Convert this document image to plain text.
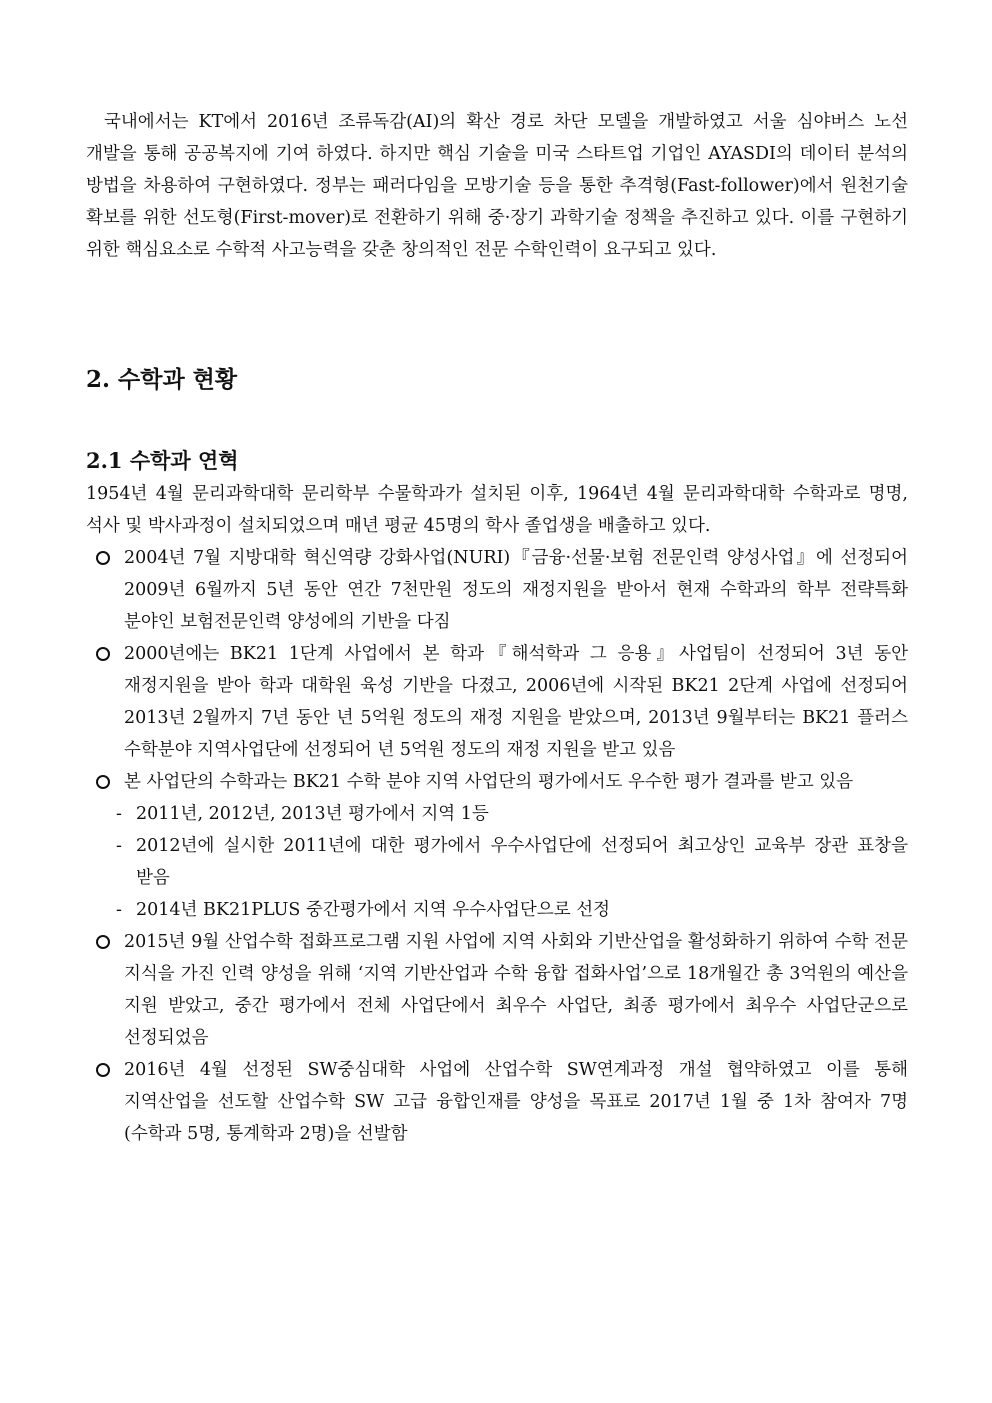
국내에서는 KT에서 2016년 조류독감(AI)의 확산 경로 차단 모델을 개발하였고 서울 심야버스 노선 개발을 통해 공공복지에 기여 하였다. 하지만 핵심 기술을 미국 스타트업 기업인 AYASDI의 데이터 분석의 방법을 차용하여 구현하였다. 정부는 패러다임을 모방기술 등을 통한 추격형(Fast-follower)에서 원천기술 확보를 위한 선도형(First-mover)로 전환하기 위해 중·장기 과학기술 정책을 추진하고 있다. 이를 구현하기 위한 핵심요소로 수학적 사고능력을 갖춘 창의적인 전문 수학인력이 요구되고 있다.

2. 수학과 현황
2.1 수학과 연혁

1954년 4월 문리과학대학 문리학부 수물학과가 설치된 이후, 1964년 4월 문리과학대학 수학과로 명명, 석사 및 박사과정이 설치되었으며 매년 평균 45명의 학사 졸업생을 배출하고 있다.

2004년 7월 지방대학 혁신역량 강화사업(NURI)『금융·선물·보험 전문인력 양성사업』에 선정되어 2009년 6월까지 5년 동안 연간 7천만원 정도의 재정지원을 받아서 현재 수학과의 학부 전략특화 분야인 보험전문인력 양성에의 기반을 다짐
2000년에는 BK21 1단계 사업에서 본 학과『해석학과 그 응용』사업팀이 선정되어 3년 동안 재정지원을 받아 학과 대학원 육성 기반을 다졌고, 2006년에 시작된 BK21 2단계 사업에 선정되어 2013년 2월까지 7년 동안 년 5억원 정도의 재정 지원을 받았으며, 2013년 9월부터는 BK21 플러스 수학분야 지역사업단에 선정되어 년 5억원 정도의 재정 지원을 받고 있음
본 사업단의 수학과는 BK21 수학 분야 지역 사업단의 평가에서도 우수한 평가 결과를 받고 있음
- 2011년, 2012년, 2013년 평가에서 지역 1등
- 2012년에 실시한 2011년에 대한 평가에서 우수사업단에 선정되어 최고상인 교육부 장관 표창을 받음
- 2014년 BK21PLUS 중간평가에서 지역 우수사업단으로 선정
2015년 9월 산업수학 접화프로그램 지원 사업에 지역 사회와 기반산업을 활성화하기 위하여 수학 전문 지식을 가진 인력 양성을 위해 ‘지역 기반산업과 수학 융합 접화사업’으로 18개월간 총 3억원의 예산을 지원 받았고, 중간 평가에서 전체 사업단에서 최우수 사업단, 최종 평가에서 최우수 사업단군으로 선정되었음
2016년 4월 선정된 SW중심대학 사업에 산업수학 SW연계과정 개설 협약하였고 이를 통해 지역산업을 선도할 산업수학 SW 고급 융합인재를 양성을 목표로 2017년 1월 중 1차 참여자 7명(수학과 5명, 통계학과 2명)을 선발함
